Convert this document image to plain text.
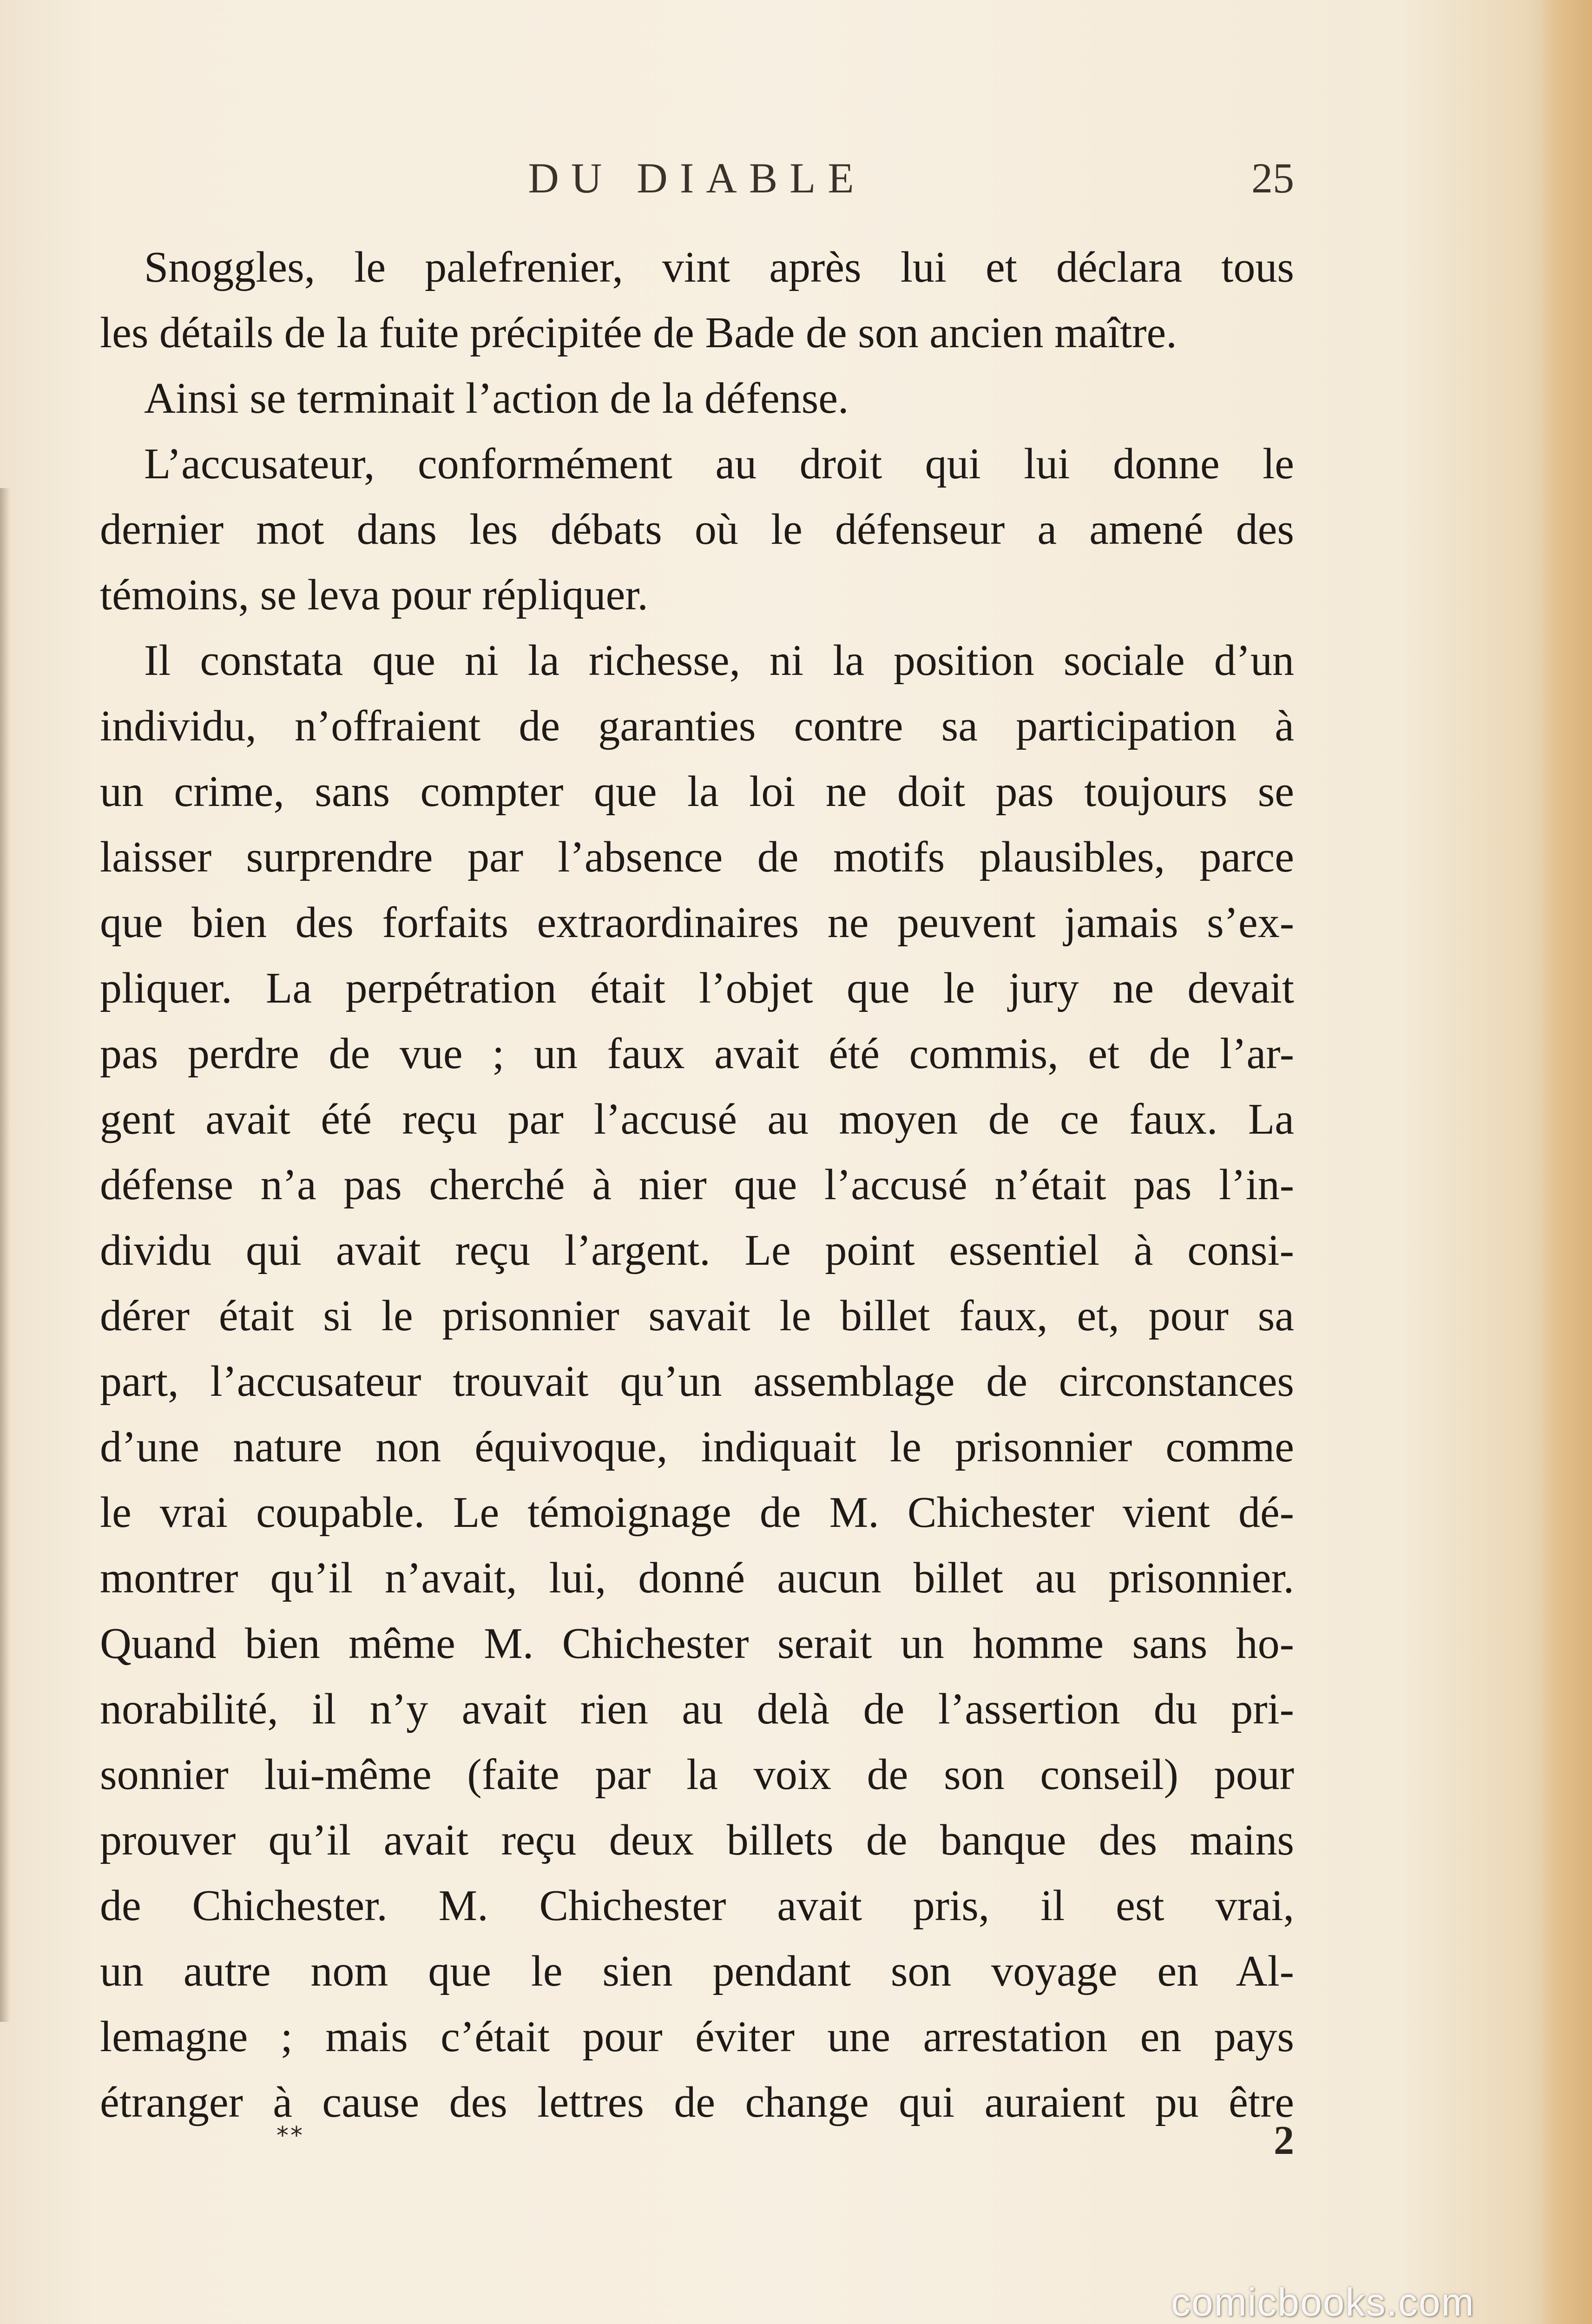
DU DIABLE	25
Snoggles, le palefrenier, vint après lui et déclara tous
les détails de la fuite précipitée de Bade de son ancien maître.
Ainsi se terminait l’action de la défense.
L’accusateur, conformément au droit qui lui donne le
dernier mot dans les débats où le défenseur a amené des
témoins, se leva pour répliquer.
Il constata que ni la richesse, ni la position sociale d’un
individu, n’offraient de garanties contre sa participation à
un crime, sans compter que la loi ne doit pas toujours se
laisser surprendre par l’absence de motifs plausibles, parce
que bien des forfaits extraordinaires ne peuvent jamais s’ex-
pliquer. La perpétration était l’objet que le jury ne devait
pas perdre de vue ; un faux avait été commis, et de l’ar-
gent avait été reçu par l’accusé au moyen de ce faux. La
défense n’a pas cherché à nier que l’accusé n’était pas l’in-
dividu qui avait reçu l’argent. Le point essentiel à consi-
dérer était si le prisonnier savait le billet faux, et, pour sa
part, l’accusateur trouvait qu’un assemblage de circonstances
d’une nature non équivoque, indiquait le prisonnier comme
le vrai coupable. Le témoignage de M. Chichester vient dé-
montrer qu’il n’avait, lui, donné aucun billet au prisonnier.
Quand bien même M. Chichester serait un homme sans ho-
norabilité, il n’y avait rien au delà de l’assertion du pri-
sonnier lui-même (faite par la voix de son conseil) pour
prouver qu’il avait reçu deux billets de banque des mains
de Chichester. M. Chichester avait pris, il est vrai,
un autre nom que le sien pendant son voyage en Al-
lemagne ; mais c’était pour éviter une arrestation en pays
étranger à cause des lettres de change qui auraient pu être
**	2
comicbooks.com
